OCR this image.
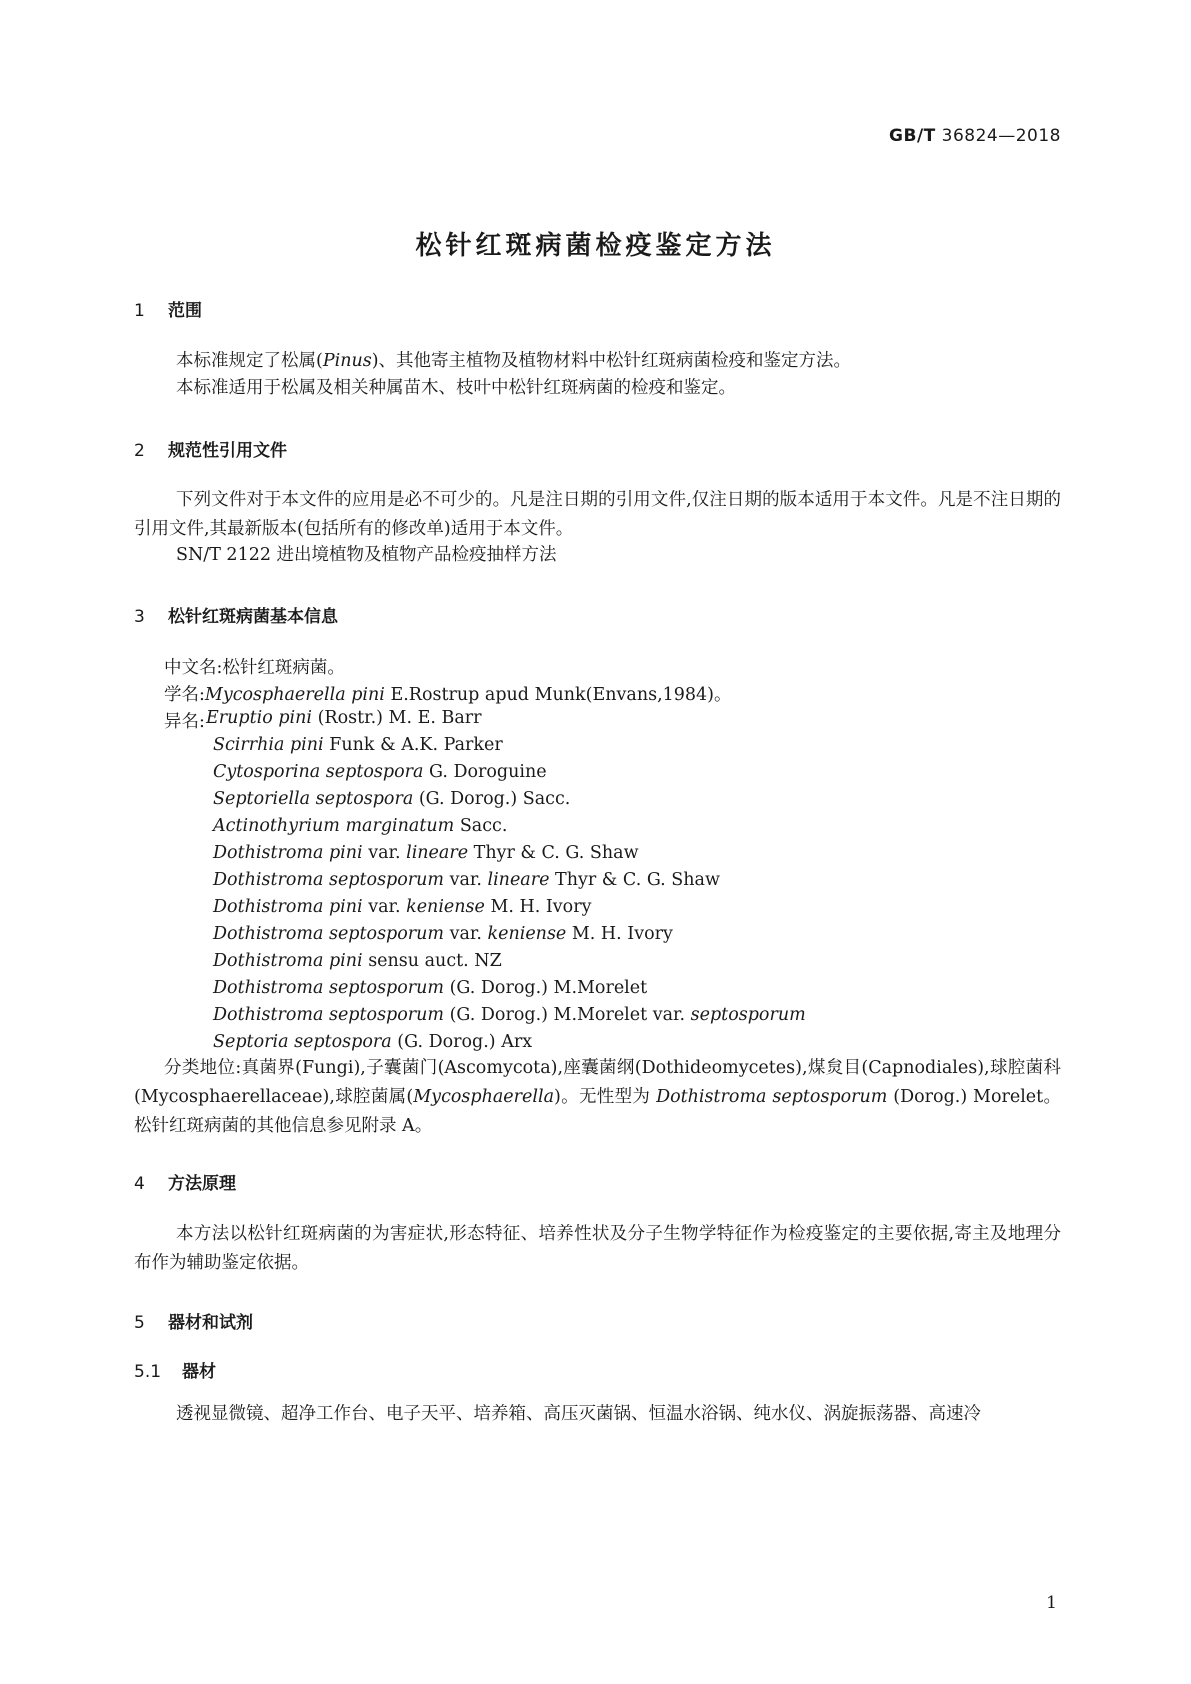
GB/T 36824—2018
松针红斑病菌检疫鉴定方法
1 范围
本标准规定了松属(Pinus)、其他寄主植物及植物材料中松针红斑病菌检疫和鉴定方法。
本标准适用于松属及相关种属苗木、枝叶中松针红斑病菌的检疫和鉴定。
2 规范性引用文件
下列文件对于本文件的应用是必不可少的。凡是注日期的引用文件,仅注日期的版本适用于本文件。凡是不注日期的引用文件,其最新版本(包括所有的修改单)适用于本文件。
SN/T 2122 进出境植物及植物产品检疫抽样方法
3 松针红斑病菌基本信息
中文名:松针红斑病菌。
学名:Mycosphaerella pini E.Rostrup apud Munk(Envans,1984)。
异名: Eruptio pini (Rostr.) M. E. Barr
Scirrhia pini Funk & A.K. Parker
Cytosporina septospora G. Doroguine
Septoriella septospora (G. Dorog.) Sacc.
Actinothyrium marginatum Sacc.
Dothistroma pini var. lineare Thyr & C. G. Shaw
Dothistroma septosporum var. lineare Thyr & C. G. Shaw
Dothistroma pini var. keniense M. H. Ivory
Dothistroma septosporum var. keniense M. H. Ivory
Dothistroma pini sensu auct. NZ
Dothistroma septosporum (G. Dorog.) M.Morelet
Dothistroma septosporum (G. Dorog.) M.Morelet var. septosporum
Septoria septospora (G. Dorog.) Arx
分类地位:真菌界(Fungi),子囊菌门(Ascomycota),座囊菌纲(Dothideomycetes),煤炱目(Capnodiales),球腔菌科(Mycosphaerellaceae),球腔菌属(Mycosphaerella)。无性型为 Dothistroma septosporum (Dorog.) Morelet。松针红斑病菌的其他信息参见附录 A。
4 方法原理
本方法以松针红斑病菌的为害症状,形态特征、培养性状及分子生物学特征作为检疫鉴定的主要依据,寄主及地理分布作为辅助鉴定依据。
5 器材和试剂
5.1 器材
透视显微镜、超净工作台、电子天平、培养箱、高压灭菌锅、恒温水浴锅、纯水仪、涡旋振荡器、高速冷
1
